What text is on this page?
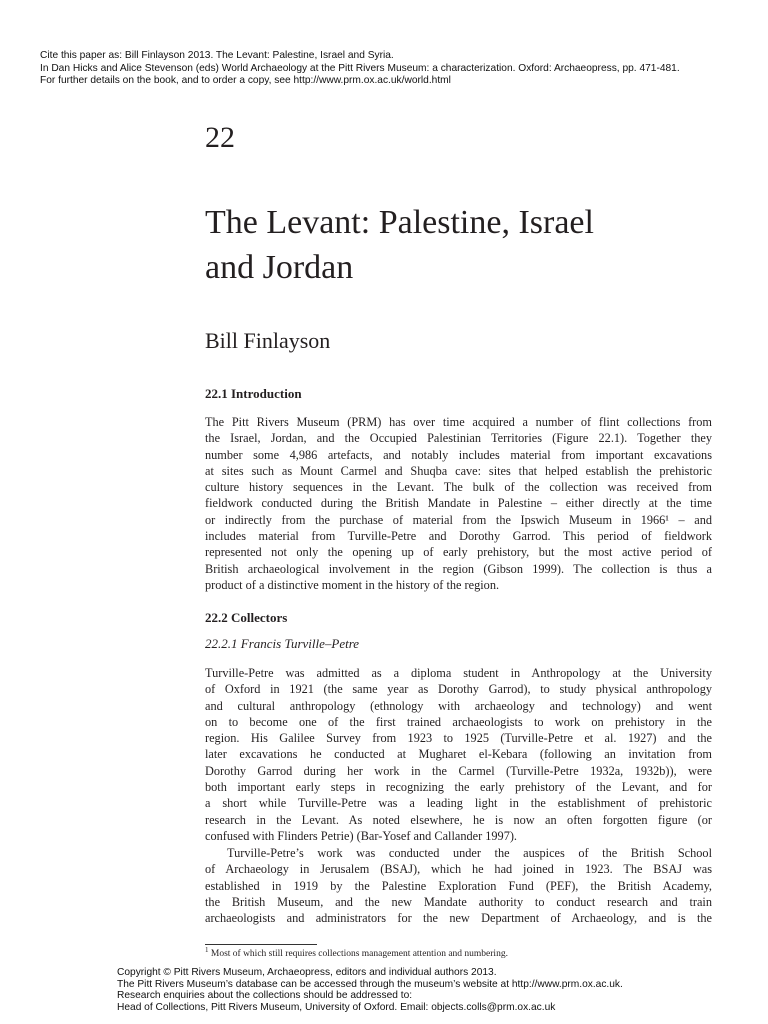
Cite this paper as: Bill Finlayson 2013. The Levant: Palestine, Israel and Syria.
In Dan Hicks and Alice Stevenson (eds) World Archaeology at the Pitt Rivers Museum: a characterization. Oxford: Archaeopress, pp. 471-481.
For further details on the book, and to order a copy, see http://www.prm.ox.ac.uk/world.html
22
The Levant: Palestine, Israel
and Jordan
Bill Finlayson
22.1 Introduction
The Pitt Rivers Museum (PRM) has over time acquired a number of flint collections from
the Israel, Jordan, and the Occupied Palestinian Territories (Figure 22.1). Together they
number some 4,986 artefacts, and notably includes material from important excavations
at sites such as Mount Carmel and Shuqba cave: sites that helped establish the prehistoric
culture history sequences in the Levant. The bulk of the collection was received from
fieldwork conducted during the British Mandate in Palestine – either directly at the time
or indirectly from the purchase of material from the Ipswich Museum in 1966¹ – and
includes material from Turville-Petre and Dorothy Garrod. This period of fieldwork
represented not only the opening up of early prehistory, but the most active period of
British archaeological involvement in the region (Gibson 1999). The collection is thus a
product of a distinctive moment in the history of the region.
22.2 Collectors
22.2.1 Francis Turville–Petre
Turville-Petre was admitted as a diploma student in Anthropology at the University
of Oxford in 1921 (the same year as Dorothy Garrod), to study physical anthropology
and cultural anthropology (ethnology with archaeology and technology) and went
on to become one of the first trained archaeologists to work on prehistory in the
region. His Galilee Survey from 1923 to 1925 (Turville-Petre et al. 1927) and the
later excavations he conducted at Mugharet el-Kebara (following an invitation from
Dorothy Garrod during her work in the Carmel (Turville-Petre 1932a, 1932b)), were
both important early steps in recognizing the early prehistory of the Levant, and for
a short while Turville-Petre was a leading light in the establishment of prehistoric
research in the Levant. As noted elsewhere, he is now an often forgotten figure (or
confused with Flinders Petrie) (Bar-Yosef and Callander 1997).
Turville-Petre’s work was conducted under the auspices of the British School
of Archaeology in Jerusalem (BSAJ), which he had joined in 1923. The BSAJ was
established in 1919 by the Palestine Exploration Fund (PEF), the British Academy,
the British Museum, and the new Mandate authority to conduct research and train
archaeologists and administrators for the new Department of Archaeology, and is the
$^1$ Most of which still requires collections management attention and numbering.
Copyright © Pitt Rivers Museum, Archaeopress, editors and individual authors 2013.
The Pitt Rivers Museum’s database can be accessed through the museum’s website at http://www.prm.ox.ac.uk.
Research enquiries about the collections should be addressed to:
Head of Collections, Pitt Rivers Museum, University of Oxford. Email: objects.colls@prm.ox.ac.uk
